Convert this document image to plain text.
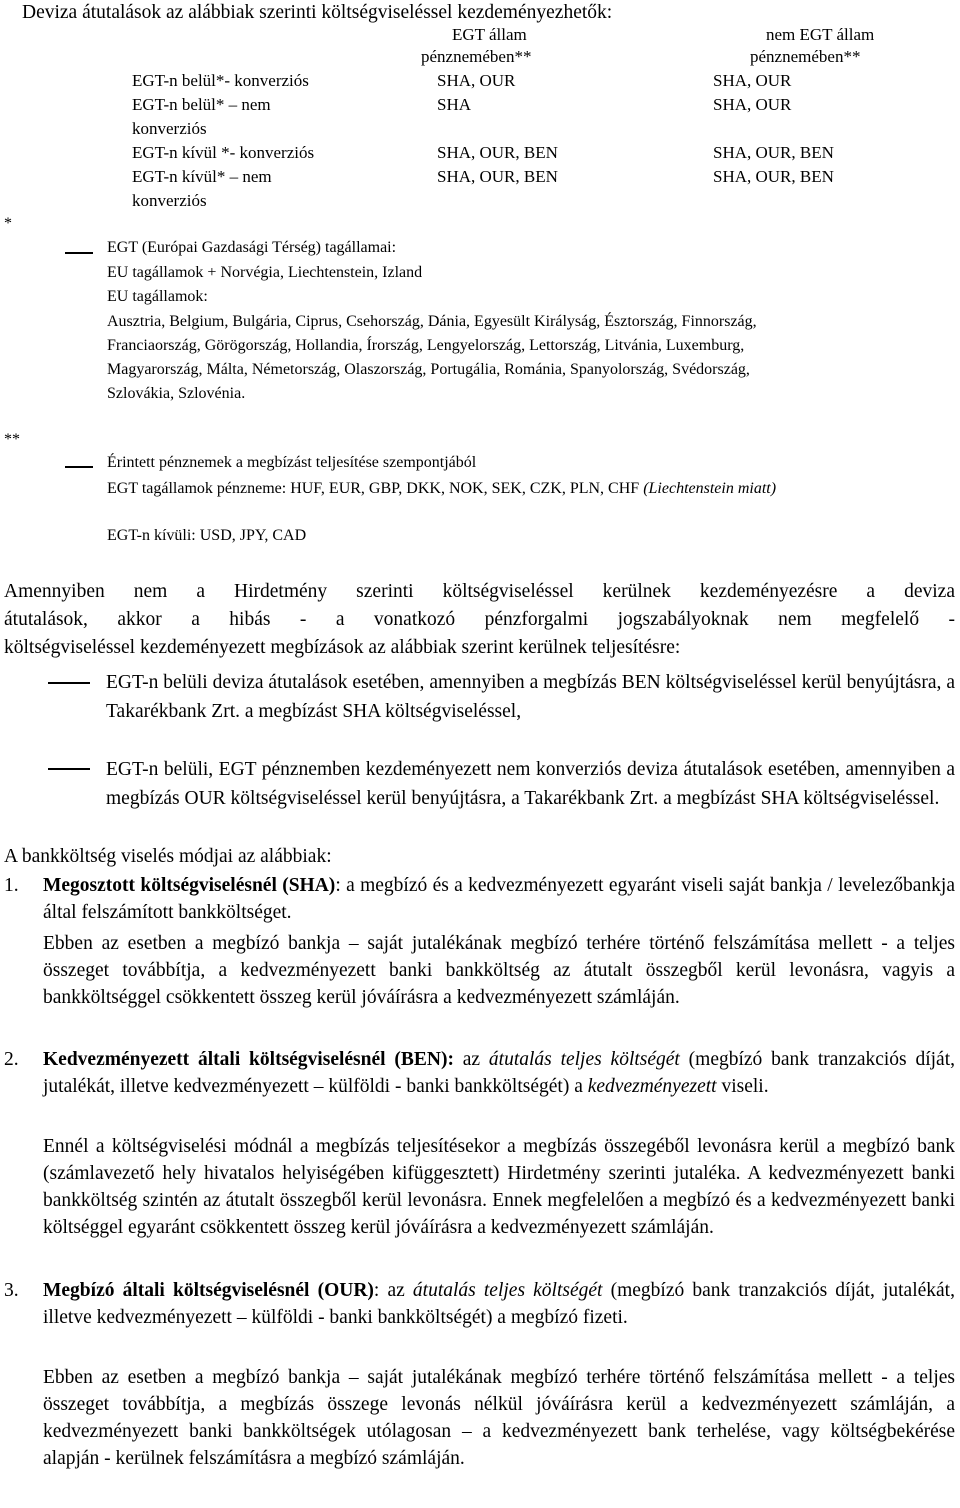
Deviza átutalások az alábbiak szerinti költségviseléssel kezdeményezhetők:
EGT állam
pénznemében**
nem EGT állam
pénznemében**
EGT-n belül*- konverziós	SHA, OUR	SHA, OUR
EGT-n belül* – nem
konverziós
SHA	SHA, OUR
EGT-n kívül *- konverziós	SHA, OUR, BEN	SHA, OUR, BEN
EGT-n kívül* – nem
konverziós
SHA, OUR, BEN	SHA, OUR, BEN
*
EGT (Európai Gazdasági Térség) tagállamai:
EU tagállamok + Norvégia, Liechtenstein, Izland
EU tagállamok:
Ausztria, Belgium, Bulgária, Ciprus, Csehország, Dánia, Egyesült Királyság, Észtország, Finnország,
Franciaország, Görögország, Hollandia, Írország, Lengyelország, Lettország, Litvánia, Luxemburg,
Magyarország, Málta, Németország, Olaszország, Portugália, Románia, Spanyolország, Svédország,
Szlovákia, Szlovénia.
**
Érintett pénznemek a megbízást teljesítése szempontjából
EGT tagállamok pénzneme: HUF, EUR, GBP, DKK, NOK, SEK, CZK, PLN, CHF (Liechtenstein miatt)
EGT-n kívüli: USD, JPY, CAD
Amennyiben nem a Hirdetmény szerinti költségviseléssel kerülnek kezdeményezésre a deviza
átutalások, akkor a hibás - a vonatkozó pénzforgalmi jogszabályoknak nem megfelelő -
költségviseléssel kezdeményezett megbízások az alábbiak szerint kerülnek teljesítésre:
EGT-n belüli deviza átutalások esetében, amennyiben a megbízás BEN költségviseléssel kerül benyújtásra, a Takarékbank Zrt. a megbízást SHA költségviseléssel,
EGT-n belüli, EGT pénznemben kezdeményezett nem konverziós deviza átutalások esetében, amennyiben a megbízás OUR költségviseléssel kerül benyújtásra, a Takarékbank Zrt. a megbízást SHA költségviseléssel.
A bankköltség viselés módjai az alábbiak:
1. Megosztott költségviselésnél (SHA): a megbízó és a kedvezményezett egyaránt viseli saját bankja / levelezőbankja által felszámított bankköltséget.
Ebben az esetben a megbízó bankja – saját jutalékának megbízó terhére történő felszámítása mellett - a teljes összeget továbbítja, a kedvezményezett banki bankköltség az átutalt összegből kerül levonásra, vagyis a bankköltséggel csökkentett összeg kerül jóváírásra a kedvezményezett számláján.
2. Kedvezményezett általi költségviselésnél (BEN): az átutalás teljes költségét (megbízó bank tranzakciós díját, jutalékát, illetve kedvezményezett – külföldi - banki bankköltségét) a kedvezményezett viseli.
Ennél a költségviselési módnál a megbízás teljesítésekor a megbízás összegéből levonásra kerül a megbízó bank (számlavezető hely hivatalos helyiségében kifüggesztett) Hirdetmény szerinti jutaléka. A kedvezményezett banki bankköltség szintén az átutalt összegből kerül levonásra. Ennek megfelelően a megbízó és a kedvezményezett banki költséggel egyaránt csökkentett összeg kerül jóváírásra a kedvezményezett számláján.
3. Megbízó általi költségviselésnél (OUR): az átutalás teljes költségét (megbízó bank tranzakciós díját, jutalékát, illetve kedvezményezett – külföldi - banki bankköltségét) a megbízó fizeti.
Ebben az esetben a megbízó bankja – saját jutalékának megbízó terhére történő felszámítása mellett - a teljes összeget továbbítja, a megbízás összege levonás nélkül jóváírásra kerül a kedvezményezett számláján, a kedvezményezett banki bankköltségek utólagosan – a kedvezményezett bank terhelése, vagy költségbekérése alapján - kerülnek felszámításra a megbízó számláján.
